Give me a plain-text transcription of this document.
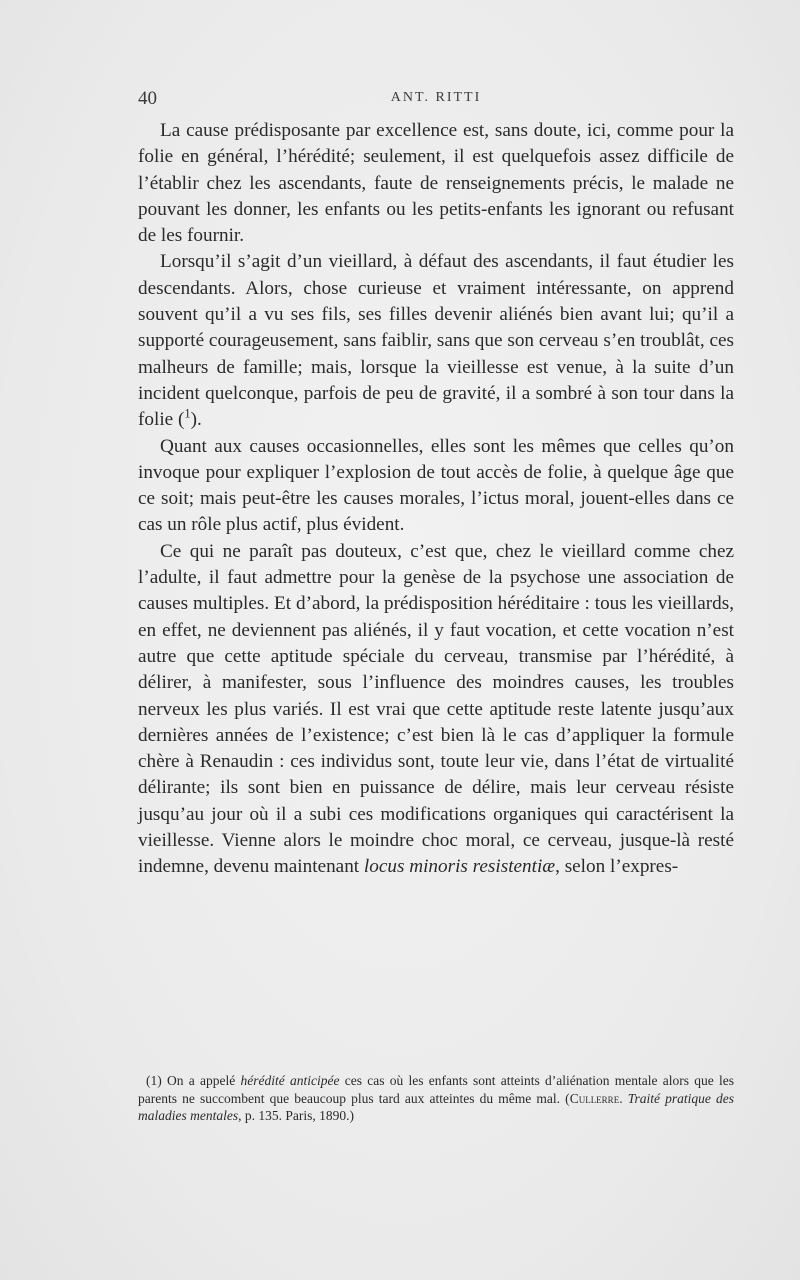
40	ANT. RITTI

La cause prédisposante par excellence est, sans doute, ici, comme pour la folie en général, l’hérédité; seulement, il est quelquefois assez difficile de l’établir chez les ascendants, faute de renseignements précis, le malade ne pouvant les donner, les enfants ou les petits-enfants les ignorant ou refusant de les fournir.

Lorsqu’il s’agit d’un vieillard, à défaut des ascendants, il faut étudier les descendants. Alors, chose curieuse et vraiment intéressante, on apprend souvent qu’il a vu ses fils, ses filles devenir aliénés bien avant lui; qu’il a supporté courageusement, sans faiblir, sans que son cerveau s’en troublât, ces malheurs de famille; mais, lorsque la vieillesse est venue, à la suite d’un incident quelconque, parfois de peu de gravité, il a sombré à son tour dans la folie ($^1$).

Quant aux causes occasionnelles, elles sont les mêmes que celles qu’on invoque pour expliquer l’explosion de tout accès de folie, à quelque âge que ce soit; mais peut-être les causes morales, l’ictus moral, jouent-elles dans ce cas un rôle plus actif, plus évident.

Ce qui ne paraît pas douteux, c’est que, chez le vieillard comme chez l’adulte, il faut admettre pour la genèse de la psychose une association de causes multiples. Et d’abord, la prédisposition héréditaire : tous les vieillards, en effet, ne deviennent pas aliénés, il y faut vocation, et cette vocation n’est autre que cette aptitude spéciale du cerveau, transmise par l’hérédité, à délirer, à manifester, sous l’influence des moindres causes, les troubles nerveux les plus variés. Il est vrai que cette aptitude reste latente jusqu’aux dernières années de l’existence; c’est bien là le cas d’appliquer la formule chère à Renaudin : ces individus sont, toute leur vie, dans l’état de virtualité délirante; ils sont bien en puissance de délire, mais leur cerveau résiste jusqu’au jour où il a subi ces modifications organiques qui caractérisent la vieillesse. Vienne alors le moindre choc moral, ce cerveau, jusque-là resté indemne, devenu maintenant locus minoris resistentiæ, selon l’expres-

(1) On a appelé hérédité anticipée ces cas où les enfants sont atteints d’aliénation mentale alors que les parents ne succombent que beaucoup plus tard aux atteintes du même mal. (Cullerre. Traité pratique des maladies mentales, p. 135. Paris, 1890.)
